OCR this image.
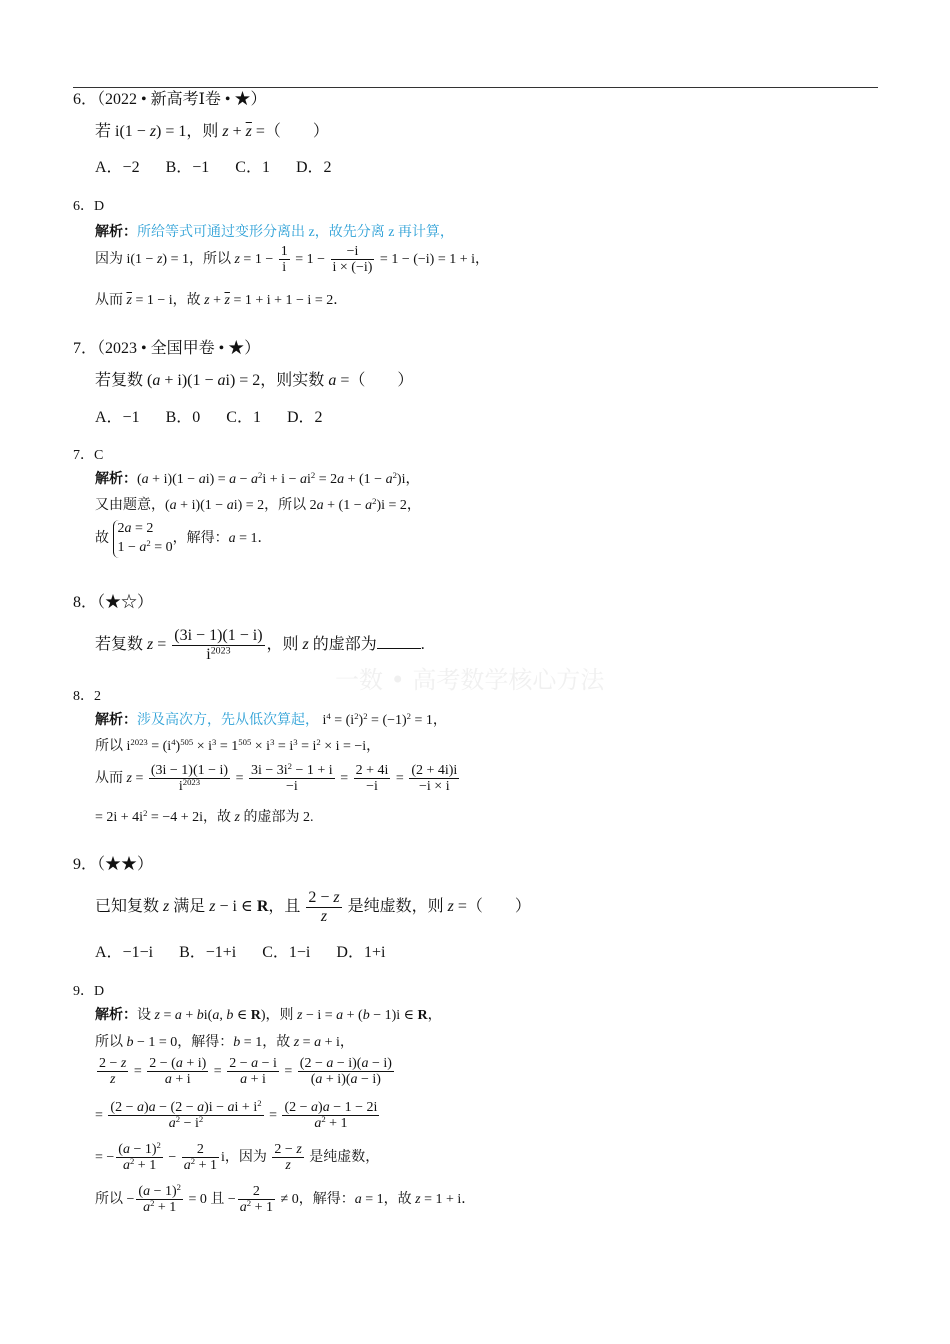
一数 • 高考数学核心方法
6．（2022 • 新高考Ⅰ卷 • ★）
若 i(1 − z) = 1，则 $z + \overline{z}$ =（　　）
A．−2 B．−1 C．1 D．2
6．D
解析：所给等式可通过变形分离出 z，故先分离 z 再计算，
因为 i(1 − z) = 1，所以 $z = 1 - \frac{1}{i} = 1 - \frac{-i}{i \times (-i)} = 1 - (-i) = 1 + i$，
从而 $\overline{z} = 1 - i$，故 $z + \overline{z} = 1 + i + 1 - i = 2$．
7．（2023 • 全国甲卷 • ★）
若复数 (a + i)(1 − ai) = 2，则实数 a =（　　）
A．−1 B．0 C．1 D．2
7．C
解析：$(a + i)(1 - ai) = a - a^2i + i - ai^2 = 2a + (1 - a^2)i$，
又由题意，(a + i)(1 − ai) = 2，所以 $2a + (1 - a^2)i = 2$，
故 2a = 2
$1 - a^2 = 0$，解得：a = 1．
8．（★☆）
若复数 $z = \frac{(3i - 1)(1 - i)}{i^{2023}}$ ，则 z 的虚部为	.
8．2
解析：涉及高次方，先从低次算起， $i^4 = (i^2)^2 = (-1)^2 = 1$，
所以 $i^{2023} = (i^4)^{505} \times i^3 = 1^{505} \times i^3 = i^3 = i^2 \times i = -i$，
从而 $z = \frac{(3i - 1)(1 - i)}{i^{2023}} = \frac{3i - 3i^2 - 1 + i}{-i} = \frac{2 + 4i}{-i} = \frac{(2 + 4i)i}{-i \times i}$
= $2i + 4i^2 = -4 + 2i$，故 z 的虚部为 2.
9．（★★）
已知复数 z 满足 z − i ∈ R，且 $\frac{2 - z}{z}$ 是纯虚数，则 z =（　　）
A．−1−i B．−1+i C．1−i D．1+i
9．D
解析：设 z = a + bi(a, b ∈ R)，则 z − i = a + (b − 1)i ∈ R，
所以 b − 1 = 0，解得：b = 1，故 z = a + i，
$\frac{2 - z}{z} = \frac{2 - (a + i)}{a + i} = \frac{2 - a - i}{a + i} = \frac{(2 - a - i)(a - i)}{(a + i)(a - i)}$
= $\frac{(2 - a)a - (2 - a)i - ai + i^2}{a^2 - i^2} = \frac{(2 - a)a - 1 - 2i}{a^2 + 1}$
= − $\frac{(a - 1)^2}{a^2 + 1} - \frac{2}{a^2 + 1}$ i，因为 $\frac{2 - z}{z}$ 是纯虚数，
所以 − $\frac{(a - 1)^2}{a^2 + 1} = 0$ 且 − $\frac{2}{a^2 + 1} \ne 0$，解得：a = 1，故 z = 1 + i．
